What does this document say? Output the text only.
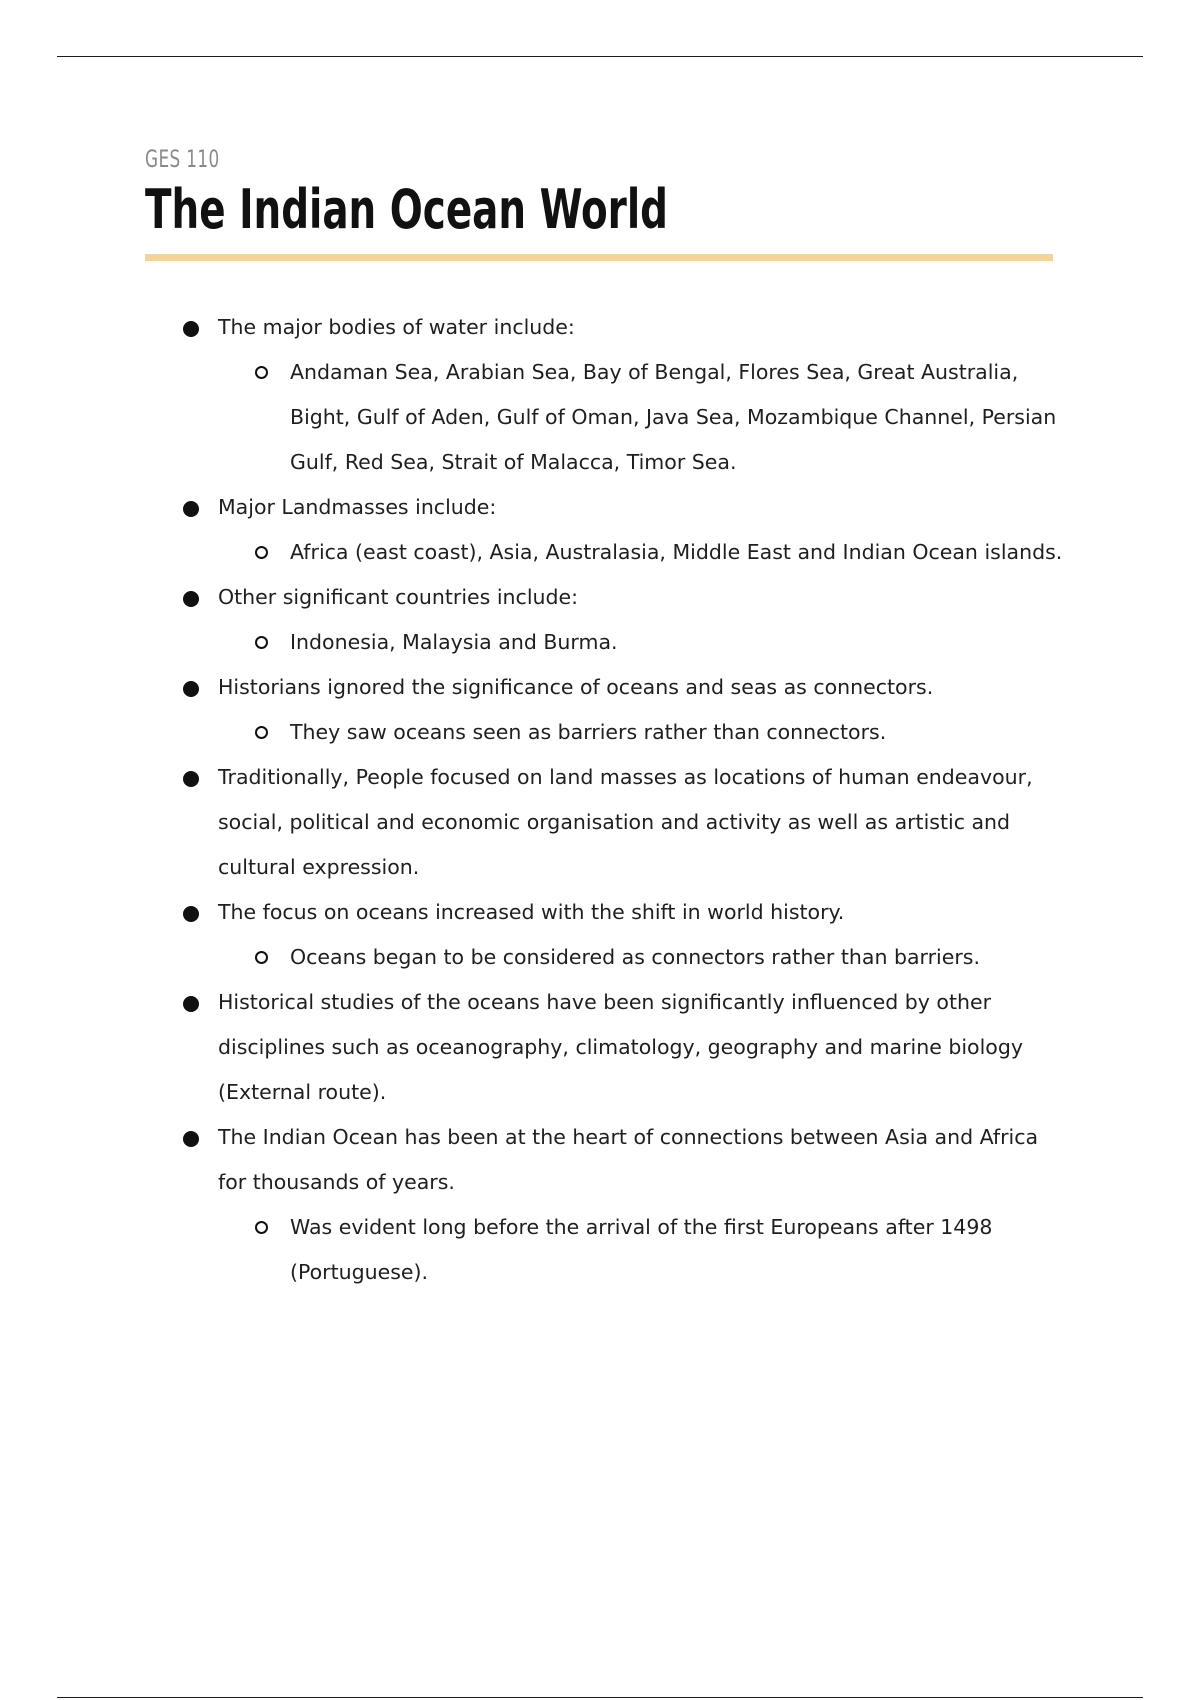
GES 110
The Indian Ocean World
The major bodies of water include:
Andaman Sea, Arabian Sea, Bay of Bengal, Flores Sea, Great Australia, Bight, Gulf of Aden, Gulf of Oman, Java Sea, Mozambique Channel, Persian Gulf, Red Sea, Strait of Malacca, Timor Sea.
Major Landmasses include:
Africa (east coast), Asia, Australasia, Middle East and Indian Ocean islands.
Other significant countries include:
Indonesia, Malaysia and Burma.
Historians ignored the significance of oceans and seas as connectors.
They saw oceans seen as barriers rather than connectors.
Traditionally, People focused on land masses as locations of human endeavour, social, political and economic organisation and activity as well as artistic and cultural expression.
The focus on oceans increased with the shift in world history.
Oceans began to be considered as connectors rather than barriers.
Historical studies of the oceans have been significantly influenced by other disciplines such as oceanography, climatology, geography and marine biology (External route).
The Indian Ocean has been at the heart of connections between Asia and Africa for thousands of years.
Was evident long before the arrival of the first Europeans after 1498 (Portuguese).
